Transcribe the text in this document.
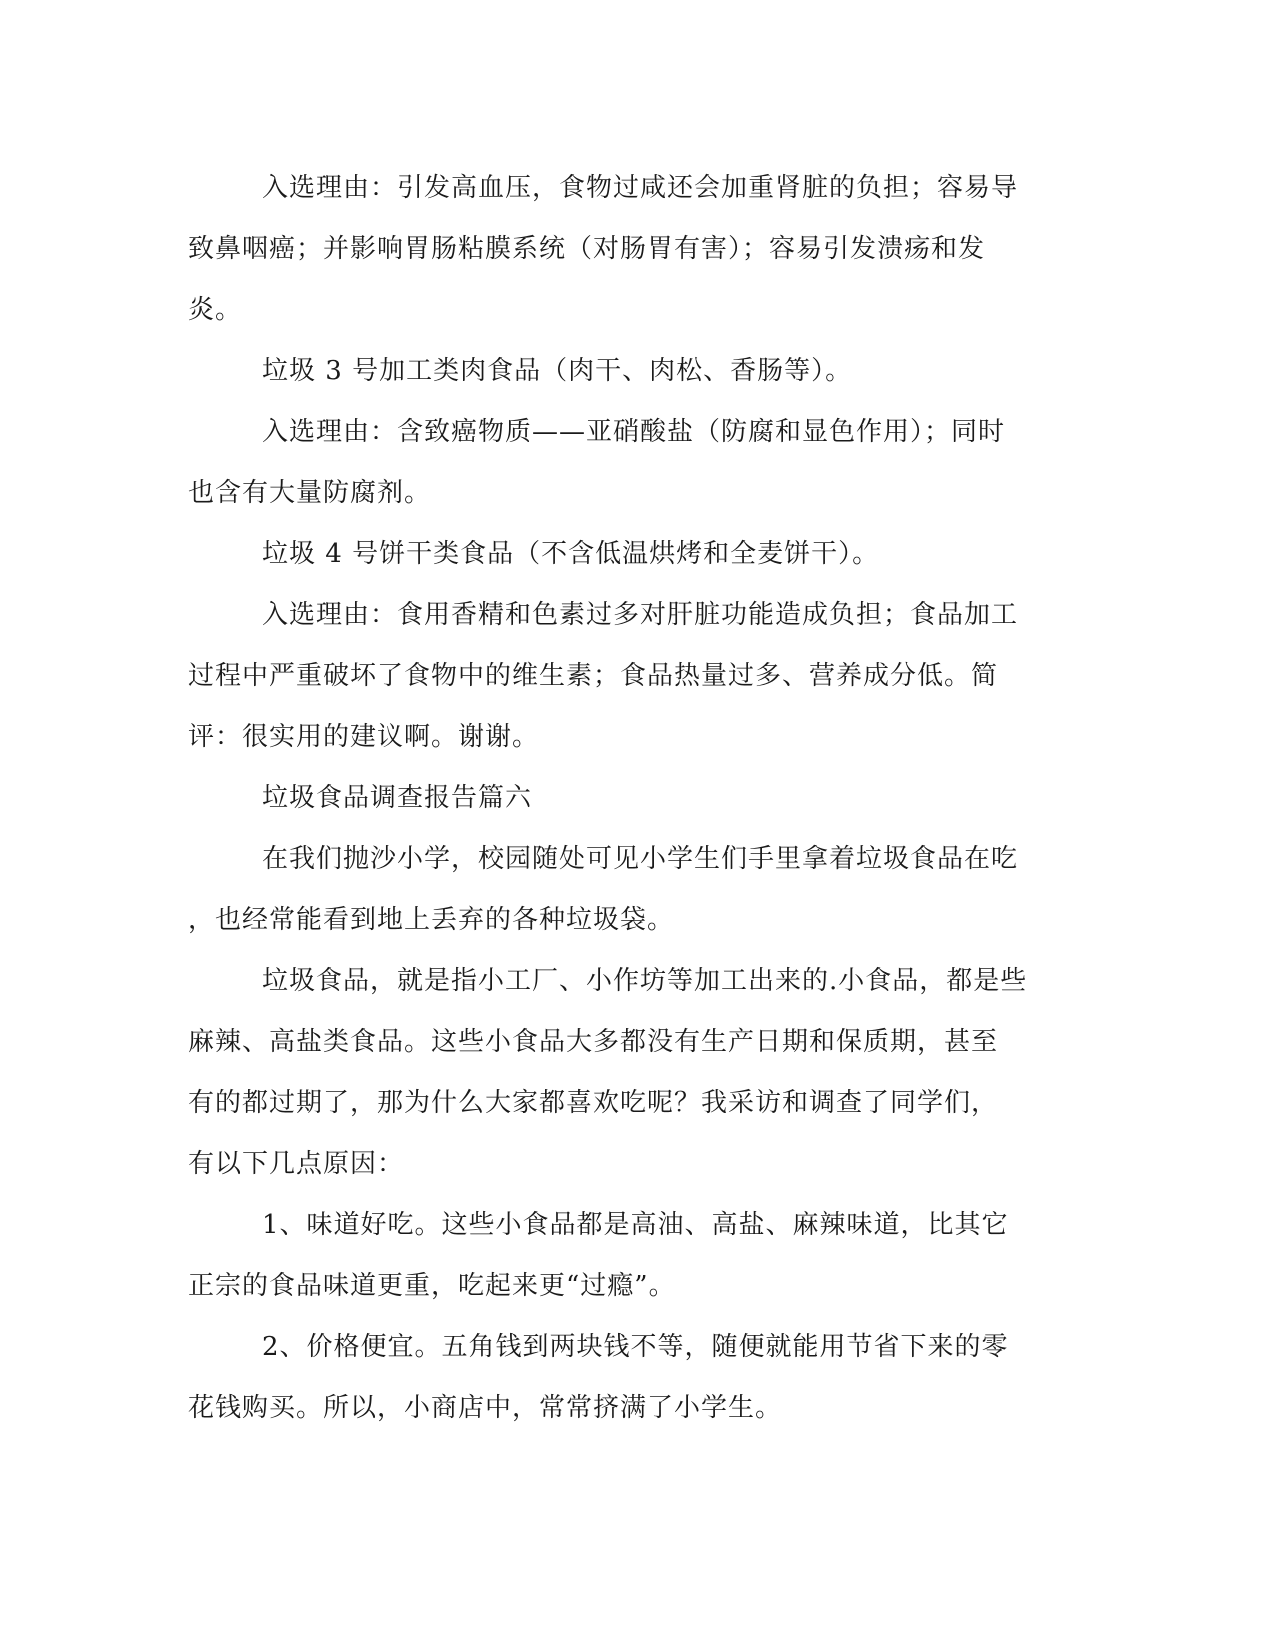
入选理由：引发高血压，食物过咸还会加重肾脏的负担；容易导
致鼻咽癌；并影响胃肠粘膜系统（对肠胃有害）；容易引发溃疡和发
炎。
垃圾 3 号加工类肉食品（肉干、肉松、香肠等）。
入选理由：含致癌物质——亚硝酸盐（防腐和显色作用）；同时
也含有大量防腐剂。
垃圾 4 号饼干类食品（不含低温烘烤和全麦饼干）。
入选理由：食用香精和色素过多对肝脏功能造成负担；食品加工
过程中严重破坏了食物中的维生素；食品热量过多、营养成分低。简
评：很实用的建议啊。谢谢。
垃圾食品调查报告篇六
在我们抛沙小学，校园随处可见小学生们手里拿着垃圾食品在吃
，也经常能看到地上丢弃的各种垃圾袋。
垃圾食品，就是指小工厂、小作坊等加工出来的.小食品，都是些
麻辣、高盐类食品。这些小食品大多都没有生产日期和保质期，甚至
有的都过期了，那为什么大家都喜欢吃呢？我采访和调查了同学们，
有以下几点原因：
1、味道好吃。这些小食品都是高油、高盐、麻辣味道，比其它
正宗的食品味道更重，吃起来更“过瘾”。
2、价格便宜。五角钱到两块钱不等，随便就能用节省下来的零
花钱购买。所以，小商店中，常常挤满了小学生。
